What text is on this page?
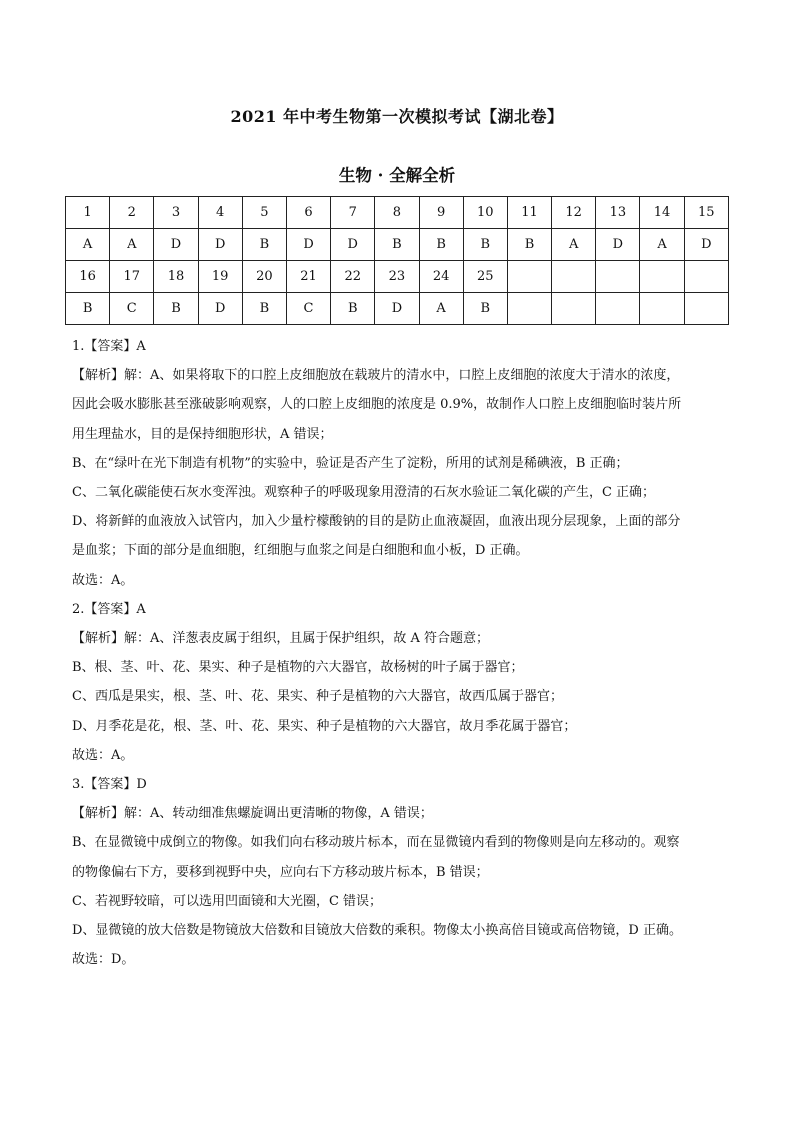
2021 年中考生物第一次模拟考试【湖北卷】
生物 · 全解全析
1	2	3	4	5	6	7	8	9	10	11	12	13	14	15
A	A	D	D	B	D	D	B	B	B	B	A	D	A	D
16	17	18	19	20	21	22	23	24	25					
B	C	B	D	B	C	B	D	A	B					

1.【答案】A

【解析】解：A、如果将取下的口腔上皮细胞放在载玻片的清水中，口腔上皮细胞的浓度大于清水的浓度，

因此会吸水膨胀甚至涨破影响观察，人的口腔上皮细胞的浓度是 0.9%，故制作人口腔上皮细胞临时装片所

用生理盐水，目的是保持细胞形状，A 错误；

B、在“绿叶在光下制造有机物”的实验中，验证是否产生了淀粉，所用的试剂是稀碘液，B 正确；

C、二氧化碳能使石灰水变浑浊。观察种子的呼吸现象用澄清的石灰水验证二氧化碳的产生，C 正确；

D、将新鲜的血液放入试管内，加入少量柠檬酸钠的目的是防止血液凝固，血液出现分层现象，上面的部分

是血浆；下面的部分是血细胞，红细胞与血浆之间是白细胞和血小板，D 正确。

故选：A。

2.【答案】A

【解析】解：A、洋葱表皮属于组织，且属于保护组织，故 A 符合题意；

B、根、茎、叶、花、果实、种子是植物的六大器官，故杨树的叶子属于器官；

C、西瓜是果实，根、茎、叶、花、果实、种子是植物的六大器官，故西瓜属于器官；

D、月季花是花，根、茎、叶、花、果实、种子是植物的六大器官，故月季花属于器官；

故选：A。

3.【答案】D

【解析】解：A、转动细准焦螺旋调出更清晰的物像，A 错误；

B、在显微镜中成倒立的物像。如我们向右移动玻片标本，而在显微镜内看到的物像则是向左移动的。观察

的物像偏右下方，要移到视野中央，应向右下方移动玻片标本，B 错误；

C、若视野较暗，可以选用凹面镜和大光圈，C 错误；

D、显微镜的放大倍数是物镜放大倍数和目镜放大倍数的乘积。物像太小换高倍目镜或高倍物镜，D 正确。

故选：D。
